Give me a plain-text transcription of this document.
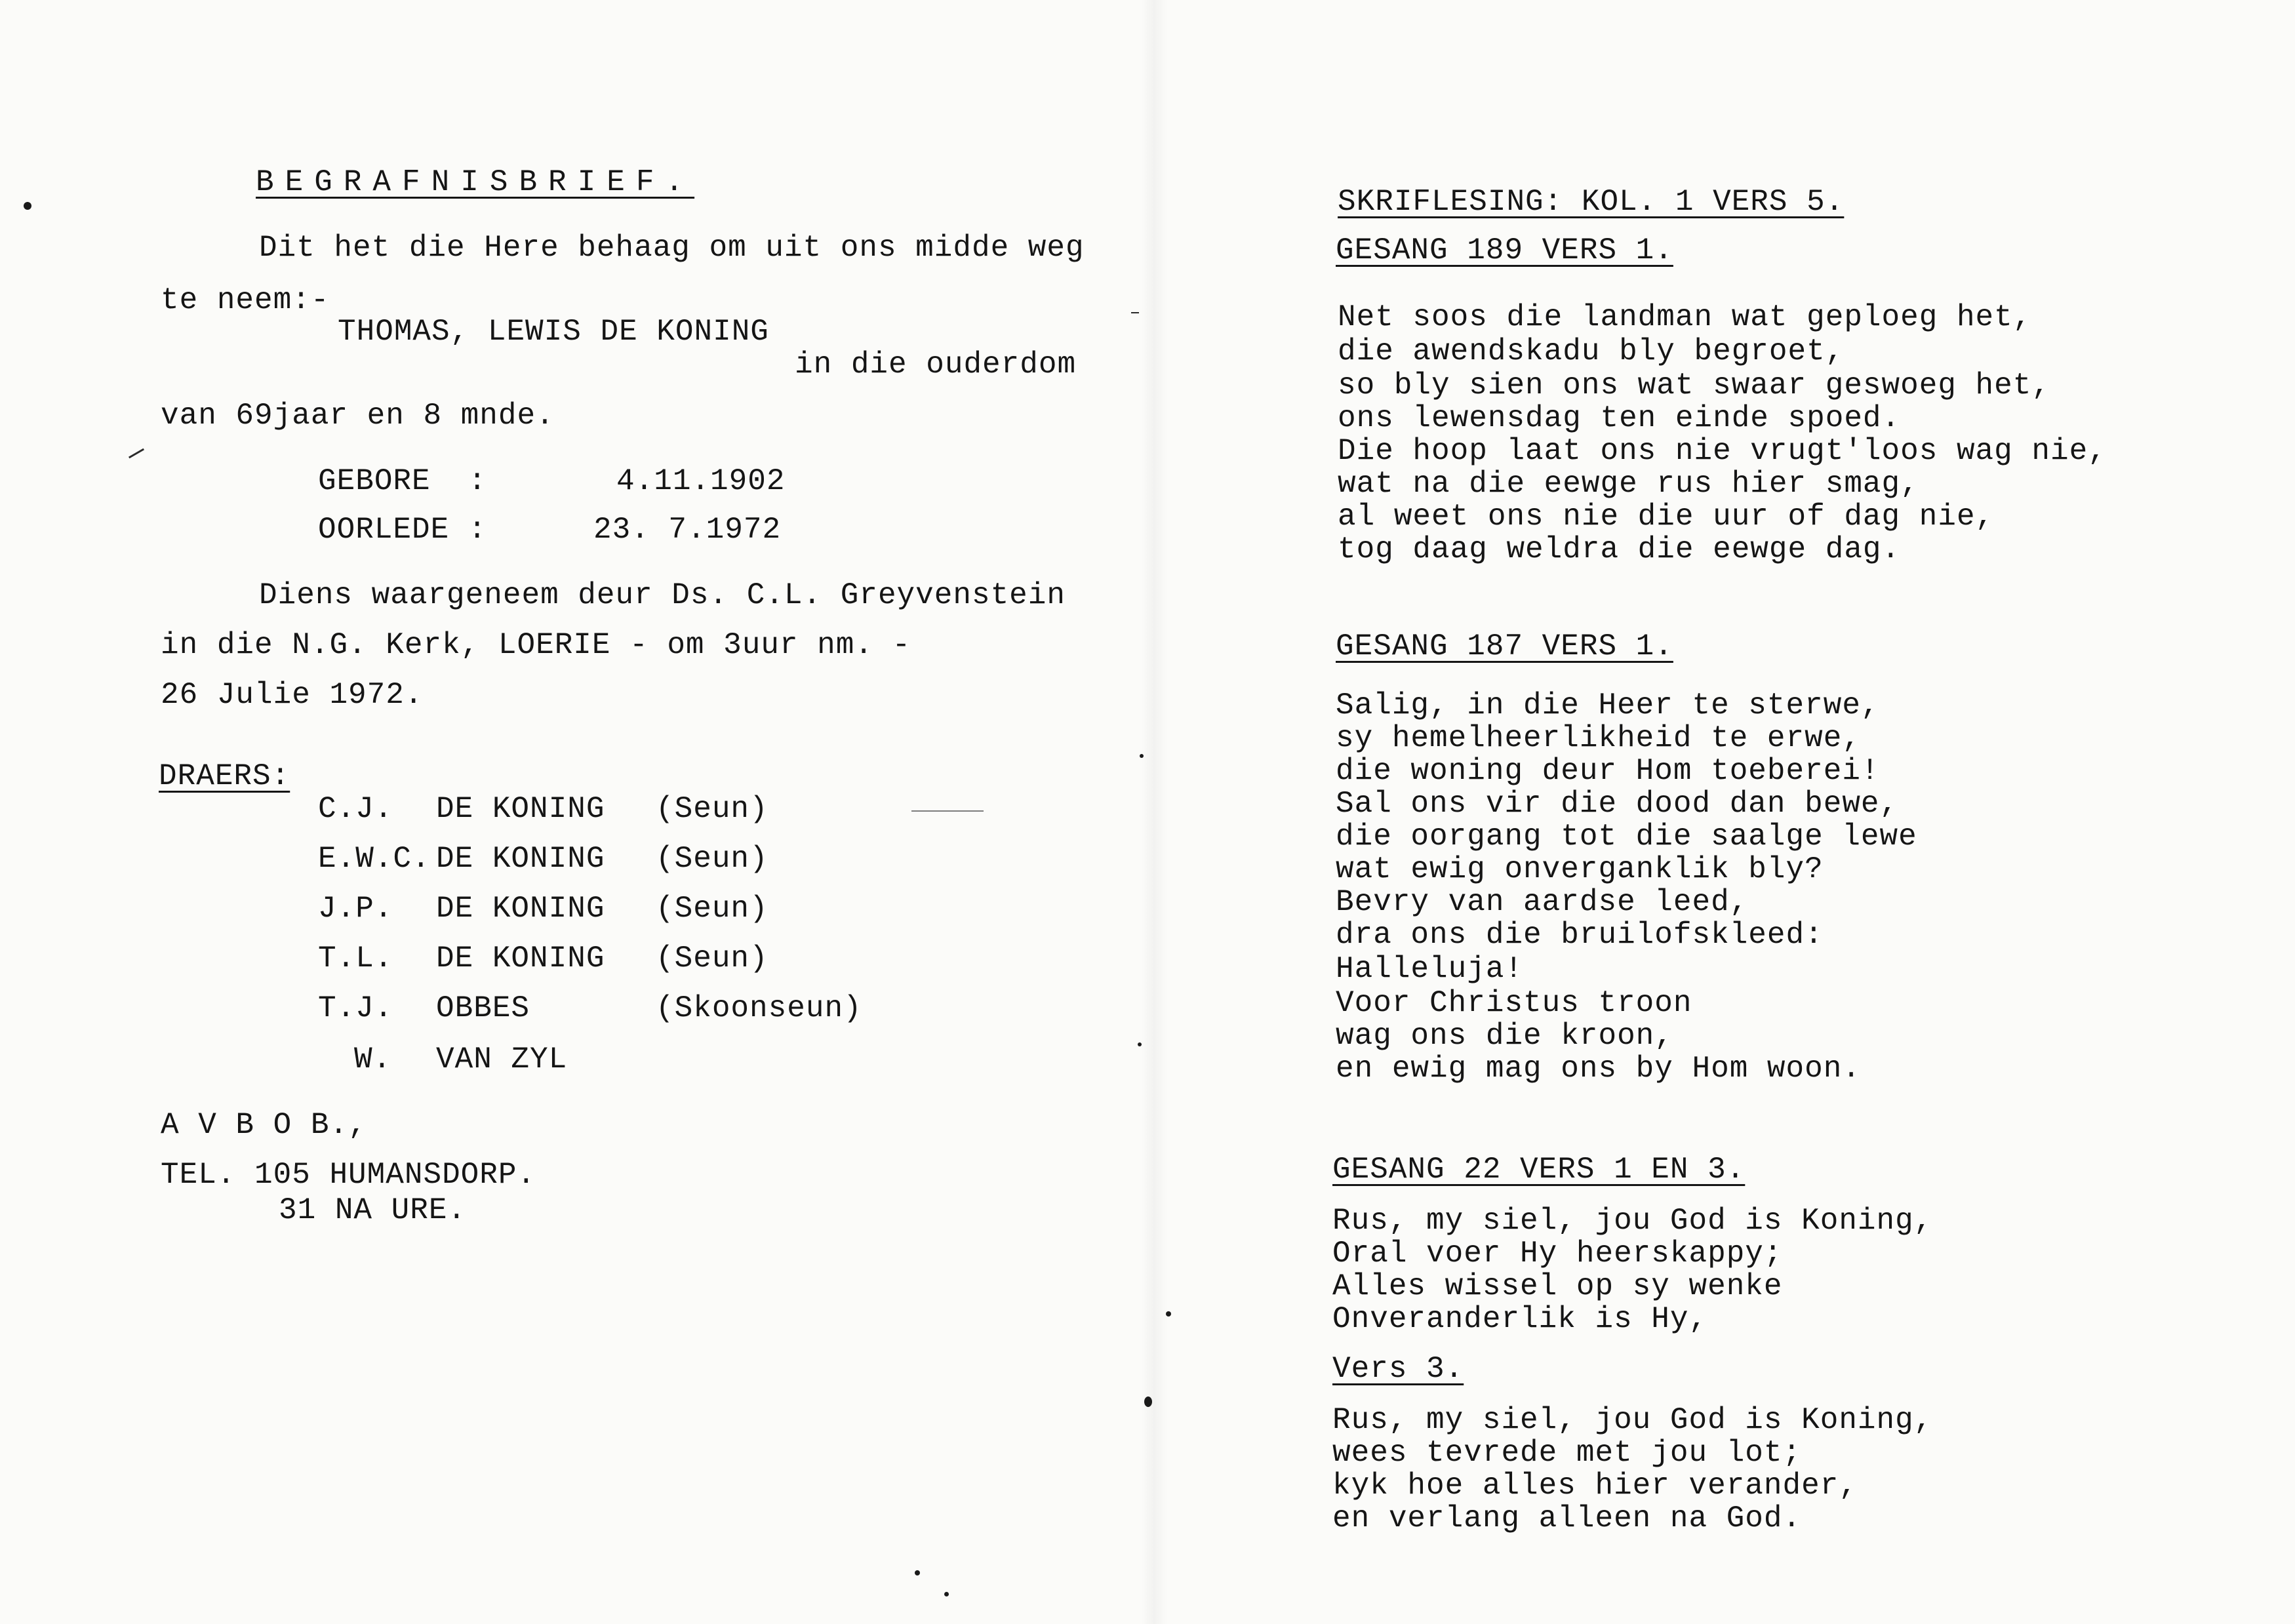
BEGRAFNISBRIEF.
Dit het die Here behaag om uit ons midde weg
te neem:-
THOMAS, LEWIS DE KONING
in die ouderdom
van 69jaar en 8 mnde.
GEBORE  :	4.11.1902
OORLEDE :	23. 7.1972
Diens waargeneem deur Ds. C.L. Greyvenstein
in die N.G. Kerk, LOERIE - om 3uur nm. -
26 Julie 1972.
DRAERS:
C.J. DE KONING (Seun)
E.W.C. DE KONING (Seun)
J.P. DE KONING (Seun)
T.L. DE KONING (Seun)
T.J. OBBES	(Skoonseun)
W. VAN ZYL
A V B O B.,
TEL. 105 HUMANSDORP.
31 NA URE.
SKRIFLESING: KOL. 1 VERS 5.
GESANG 189 VERS 1.
Net soos die landman wat geploeg het,
die awendskadu bly begroet,
so bly sien ons wat swaar geswoeg het,
ons lewensdag ten einde spoed.
Die hoop laat ons nie vrugt'loos wag nie,
wat na die eewge rus hier smag,
al weet ons nie die uur of dag nie,
tog daag weldra die eewge dag.
GESANG 187 VERS 1.
Salig, in die Heer te sterwe,
sy hemelheerlikheid te erwe,
die woning deur Hom toeberei!
Sal ons vir die dood dan bewe,
die oorgang tot die saalge lewe
wat ewig onverganklik bly?
Bevry van aardse leed,
dra ons die bruilofskleed:
Halleluja!
Voor Christus troon
wag ons die kroon,
en ewig mag ons by Hom woon.
GESANG 22 VERS 1 EN 3.
Rus, my siel, jou God is Koning,
Oral voer Hy heerskappy;
Alles wissel op sy wenke
Onveranderlik is Hy,
Vers 3.
Rus, my siel, jou God is Koning,
wees tevrede met jou lot;
kyk hoe alles hier verander,
en verlang alleen na God.
